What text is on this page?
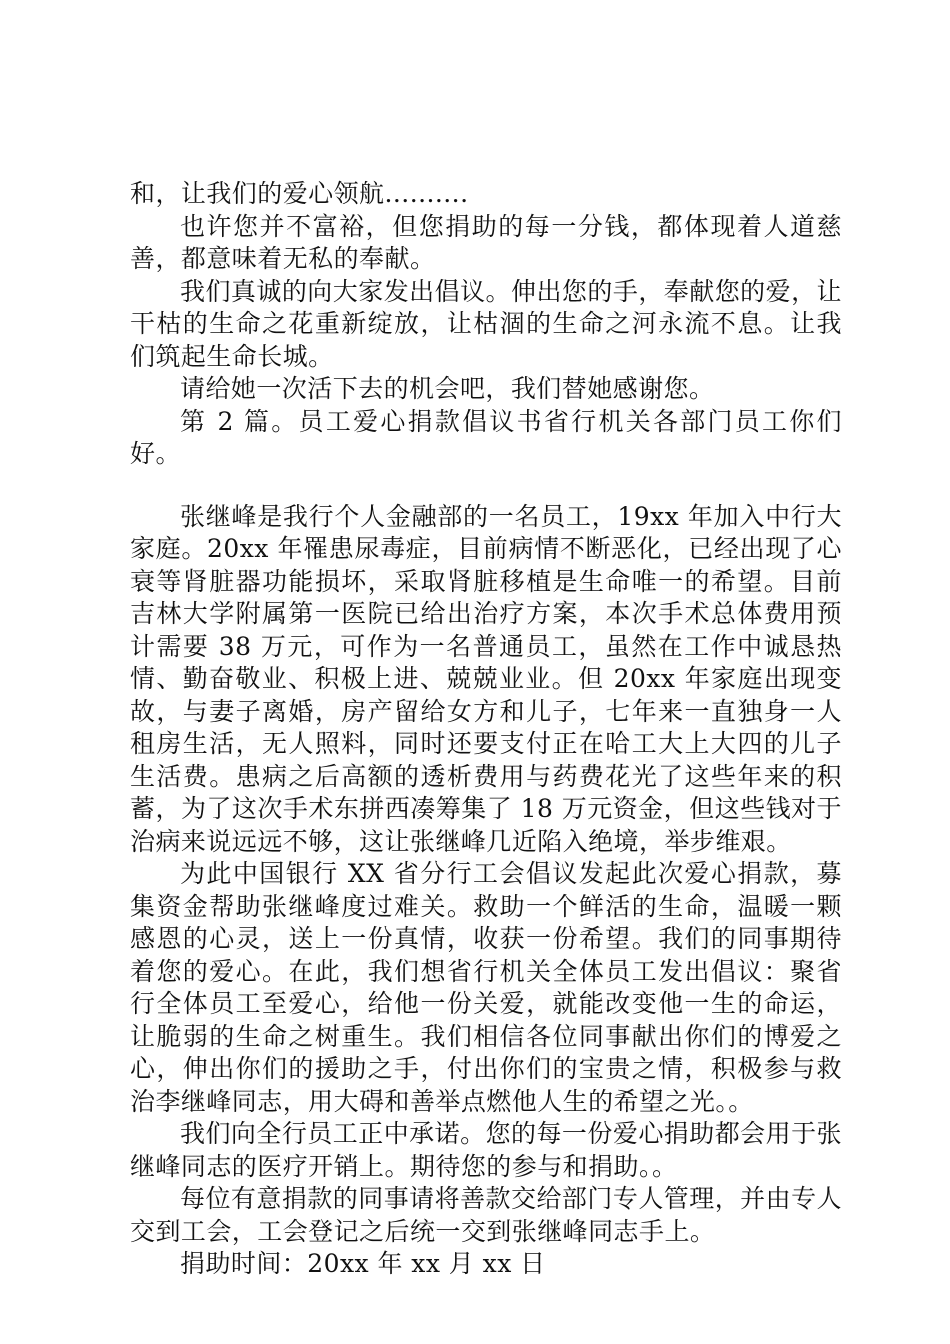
和，让我们的爱心领航..........

也许您并不富裕，但您捐助的每一分钱，都体现着人道慈善，都意味着无私的奉献。

我们真诚的向大家发出倡议。伸出您的手，奉献您的爱，让干枯的生命之花重新绽放，让枯涸的生命之河永流不息。让我们筑起生命长城。

请给她一次活下去的机会吧，我们替她感谢您。

第 2 篇。员工爱心捐款倡议书省行机关各部门员工你们好。

张继峰是我行个人金融部的一名员工，19xx 年加入中行大家庭。20xx 年罹患尿毒症，目前病情不断恶化，已经出现了心衰等肾脏器功能损坏，采取肾脏移植是生命唯一的希望。目前吉林大学附属第一医院已给出治疗方案，本次手术总体费用预计需要 38 万元，可作为一名普通员工，虽然在工作中诚恳热情、勤奋敬业、积极上进、兢兢业业。但 20xx 年家庭出现变故，与妻子离婚，房产留给女方和儿子，七年来一直独身一人租房生活，无人照料，同时还要支付正在哈工大上大四的儿子生活费。患病之后高额的透析费用与药费花光了这些年来的积蓄，为了这次手术东拼西凑筹集了 18 万元资金，但这些钱对于治病来说远远不够，这让张继峰几近陷入绝境，举步维艰。

为此中国银行 XX 省分行工会倡议发起此次爱心捐款，募集资金帮助张继峰度过难关。救助一个鲜活的生命，温暖一颗感恩的心灵，送上一份真情，收获一份希望。我们的同事期待着您的爱心。在此，我们想省行机关全体员工发出倡议：聚省行全体员工至爱心，给他一份关爱，就能改变他一生的命运，让脆弱的生命之树重生。我们相信各位同事献出你们的博爱之心，伸出你们的援助之手，付出你们的宝贵之情，积极参与救治李继峰同志，用大碍和善举点燃他人生的希望之光。。

我们向全行员工正中承诺。您的每一份爱心捐助都会用于张继峰同志的医疗开销上。期待您的参与和捐助。。

每位有意捐款的同事请将善款交给部门专人管理，并由专人交到工会，工会登记之后统一交到张继峰同志手上。

捐助时间：20xx 年 xx 月 xx 日
